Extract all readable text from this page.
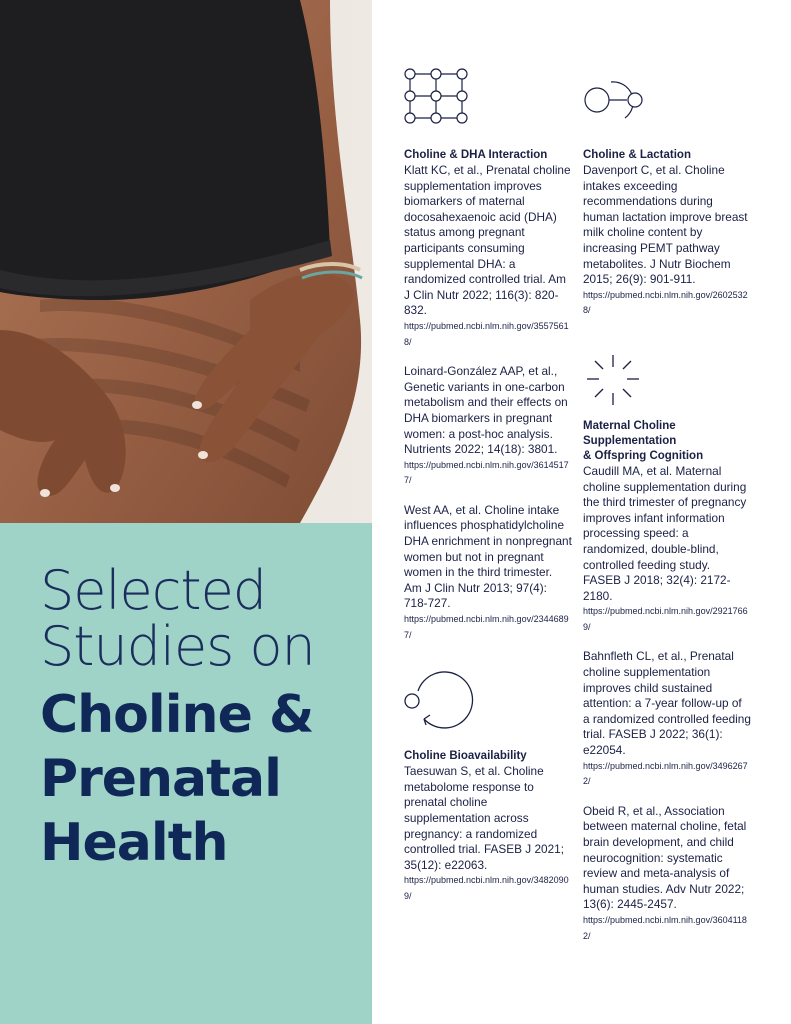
Selected
Studies on
Choline &
Prenatal
Health

Choline & DHA Interaction

Klatt KC, et al., Prenatal choline supplementation improves biomarkers of maternal docosahexaenoic acid (DHA) status among pregnant participants consuming supplemental DHA: a randomized controlled trial. Am J Clin Nutr 2022; 116(3): 820-832.

https://pubmed.ncbi.nlm.nih.gov/35575618/

Loinard-González AAP, et al., Genetic variants in one-carbon metabolism and their effects on DHA biomarkers in pregnant women: a post-hoc analysis. Nutrients 2022; 14(18): 3801.

https://pubmed.ncbi.nlm.nih.gov/36145177/

West AA, et al. Choline intake influences phosphatidylcholine DHA enrichment in nonpregnant women but not in pregnant women in the third trimester. Am J Clin Nutr 2013; 97(4): 718-727.

https://pubmed.ncbi.nlm.nih.gov/23446897/

Choline Bioavailability

Taesuwan S, et al. Choline metabolome response to prenatal choline supplementation across pregnancy: a randomized controlled trial. FASEB J 2021; 35(12): e22063.

https://pubmed.ncbi.nlm.nih.gov/34820909/

Choline & Lactation

Davenport C, et al. Choline intakes exceeding recommendations during human lactation improve breast milk choline content by increasing PEMT pathway metabolites. J Nutr Biochem 2015; 26(9): 901-911.

https://pubmed.ncbi.nlm.nih.gov/26025328/

Maternal Choline
Supplementation
& Offspring Cognition

Caudill MA, et al. Maternal choline supplementation during the third trimester of pregnancy improves infant information processing speed: a randomized, double-blind, controlled feeding study. FASEB J 2018; 32(4): 2172-2180.

https://pubmed.ncbi.nlm.nih.gov/29217669/

Bahnfleth CL, et al., Prenatal choline supplementation improves child sustained attention: a 7-year follow-up of a randomized controlled feeding trial. FASEB J 2022; 36(1): e22054.

https://pubmed.ncbi.nlm.nih.gov/34962672/

Obeid R, et al., Association between maternal choline, fetal brain development, and child neurocognition: systematic review and meta-analysis of human studies. Adv Nutr 2022; 13(6): 2445-2457.

https://pubmed.ncbi.nlm.nih.gov/36041182/
